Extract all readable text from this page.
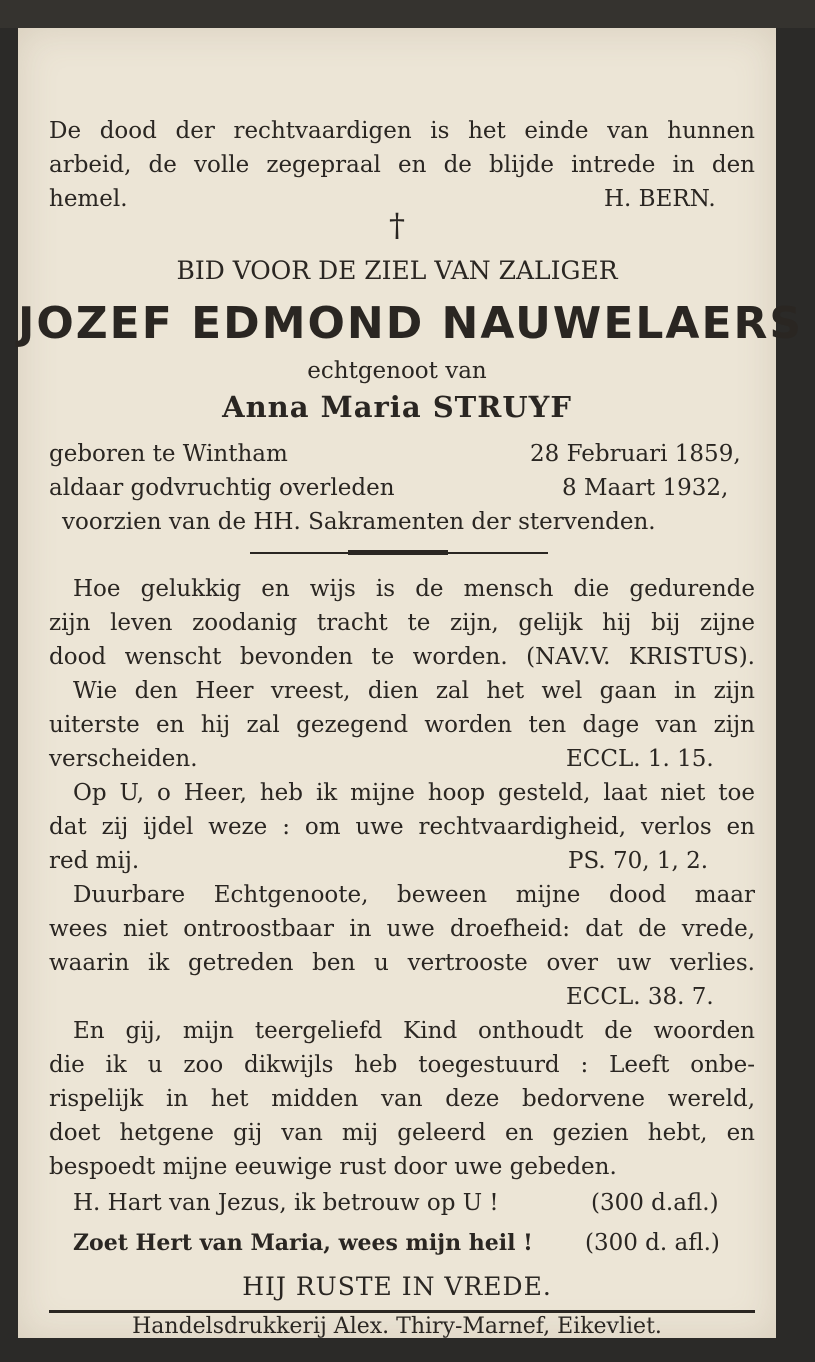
De dood der rechtvaardigen is het einde van hunnen
arbeid, de volle zegepraal en de blijde intrede in den
hemel.	H. BERN.
†
BID VOOR DE ZIEL VAN ZALIGER
JOZEF EDMOND NAUWELAERS
echtgenoot van
Anna Maria STRUYF
geboren te Wintham	28 Februari 1859,
aldaar godvruchtig overleden	8 Maart 1932,
voorzien van de HH. Sakramenten der stervenden.
Hoe gelukkig en wijs is de mensch die gedurende
zijn leven zoodanig tracht te zijn, gelijk hij bij zijne
dood wenscht bevonden te worden. (NAV.V. KRISTUS).
Wie den Heer vreest, dien zal het wel gaan in zijn
uiterste en hij zal gezegend worden ten dage van zijn
verscheiden.	ECCL. 1. 15.
Op U, o Heer, heb ik mijne hoop gesteld, laat niet toe
dat zij ijdel weze : om uwe rechtvaardigheid, verlos en
red mij.	PS. 70, 1, 2.
Duurbare Echtgenoote, beween mijne dood maar
wees niet ontroostbaar in uwe droefheid: dat de vrede,
waarin ik getreden ben u vertrooste over uw verlies.
ECCL. 38. 7.
En gij, mijn teergeliefd Kind onthoudt de woorden
die ik u zoo dikwijls heb toegestuurd : Leeft onbe-
rispelijk in het midden van deze bedorvene wereld,
doet hetgene gij van mij geleerd en gezien hebt, en
bespoedt mijne eeuwige rust door uwe gebeden.
H. Hart van Jezus, ik betrouw op U !	(300 d.afl.)
Zoet Hert van Maria, wees mijn heil ! (300 d. afl.)
HIJ RUSTE IN VREDE.
Handelsdrukkerij Alex. Thiry-Marnef, Eikevliet.
